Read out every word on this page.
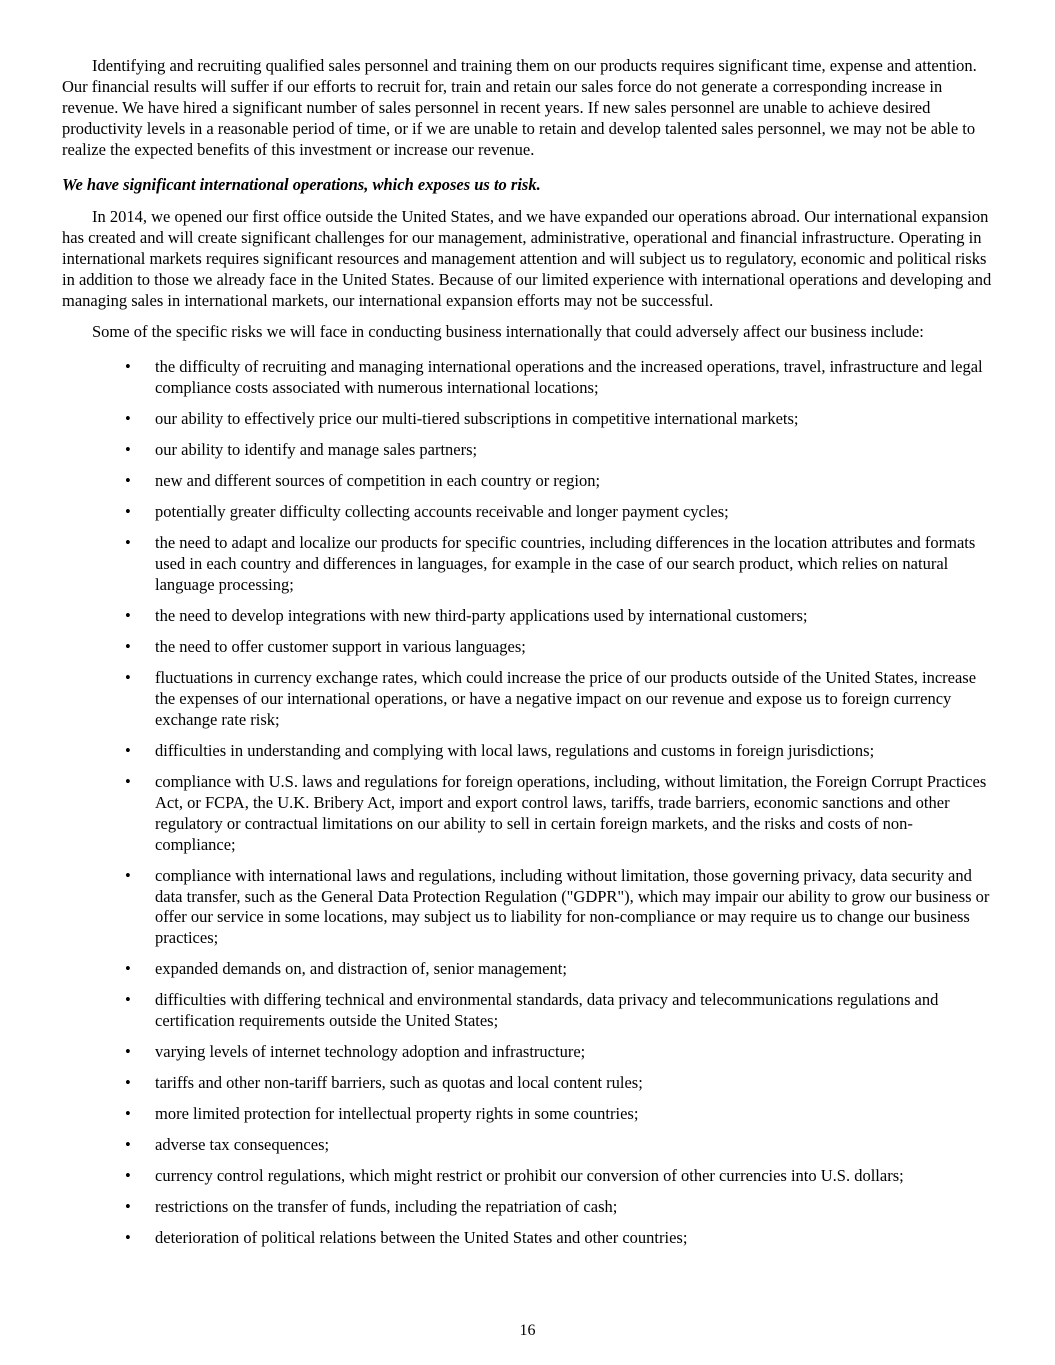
Identifying and recruiting qualified sales personnel and training them on our products requires significant time, expense and attention. Our financial results will suffer if our efforts to recruit for, train and retain our sales force do not generate a corresponding increase in revenue. We have hired a significant number of sales personnel in recent years. If new sales personnel are unable to achieve desired productivity levels in a reasonable period of time, or if we are unable to retain and develop talented sales personnel, we may not be able to realize the expected benefits of this investment or increase our revenue.

We have significant international operations, which exposes us to risk.

In 2014, we opened our first office outside the United States, and we have expanded our operations abroad. Our international expansion has created and will create significant challenges for our management, administrative, operational and financial infrastructure. Operating in international markets requires significant resources and management attention and will subject us to regulatory, economic and political risks in addition to those we already face in the United States. Because of our limited experience with international operations and developing and managing sales in international markets, our international expansion efforts may not be successful.

Some of the specific risks we will face in conducting business internationally that could adversely affect our business include:

•	the difficulty of recruiting and managing international operations and the increased operations, travel, infrastructure and legal compliance costs associated with numerous international locations;
•	our ability to effectively price our multi-tiered subscriptions in competitive international markets;
•	our ability to identify and manage sales partners;
•	new and different sources of competition in each country or region;
•	potentially greater difficulty collecting accounts receivable and longer payment cycles;
•	the need to adapt and localize our products for specific countries, including differences in the location attributes and formats used in each country and differences in languages, for example in the case of our search product, which relies on natural language processing;
•	the need to develop integrations with new third-party applications used by international customers;
•	the need to offer customer support in various languages;
•	fluctuations in currency exchange rates, which could increase the price of our products outside of the United States, increase the expenses of our international operations, or have a negative impact on our revenue and expose us to foreign currency exchange rate risk;
•	difficulties in understanding and complying with local laws, regulations and customs in foreign jurisdictions;
•	compliance with U.S. laws and regulations for foreign operations, including, without limitation, the Foreign Corrupt Practices Act, or FCPA, the U.K. Bribery Act, import and export control laws, tariffs, trade barriers, economic sanctions and other regulatory or contractual limitations on our ability to sell in certain foreign markets, and the risks and costs of non-compliance;
•	compliance with international laws and regulations, including without limitation, those governing privacy, data security and data transfer, such as the General Data Protection Regulation ("GDPR"), which may impair our ability to grow our business or offer our service in some locations, may subject us to liability for non-compliance or may require us to change our business practices;
•	expanded demands on, and distraction of, senior management;
•	difficulties with differing technical and environmental standards, data privacy and telecommunications regulations and certification requirements outside the United States;
•	varying levels of internet technology adoption and infrastructure;
•	tariffs and other non-tariff barriers, such as quotas and local content rules;
•	more limited protection for intellectual property rights in some countries;
•	adverse tax consequences;
•	currency control regulations, which might restrict or prohibit our conversion of other currencies into U.S. dollars;
•	restrictions on the transfer of funds, including the repatriation of cash;
•	deterioration of political relations between the United States and other countries;
16
